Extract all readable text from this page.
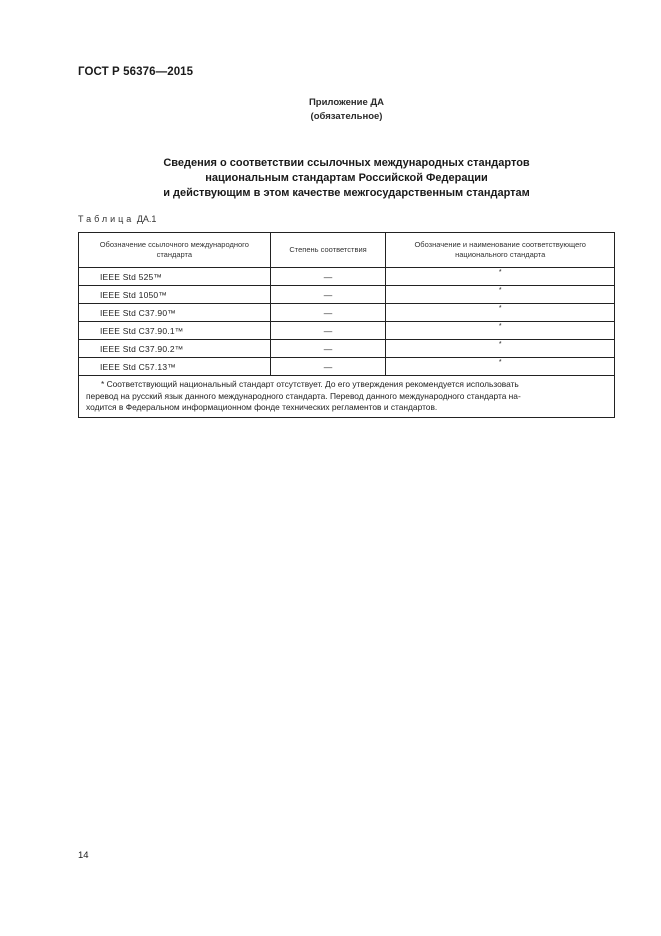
ГОСТ Р 56376—2015
Приложение ДА
(обязательное)
Сведения о соответствии ссылочных международных стандартов
национальным стандартам Российской Федерации
и действующим в этом качестве межгосударственным стандартам
Таблица ДА.1
Обозначение ссылочного международного стандарта	Степень соответствия	Обозначение и наименование соответствующего национального стандарта
IEEE Std 525™	—	*
IEEE Std 1050™	—	*
IEEE Std C37.90™	—	*
IEEE Std C37.90.1™	—	*
IEEE Std C37.90.2™	—	*
IEEE Std C57.13™	—	*

* Соответствующий национальный стандарт отсутствует. До его утверждения рекомендуется использовать
перевод на русский язык данного международного стандарта. Перевод данного международного стандарта на-
ходится в Федеральном информационном фонде технических регламентов и стандартов.		
14
